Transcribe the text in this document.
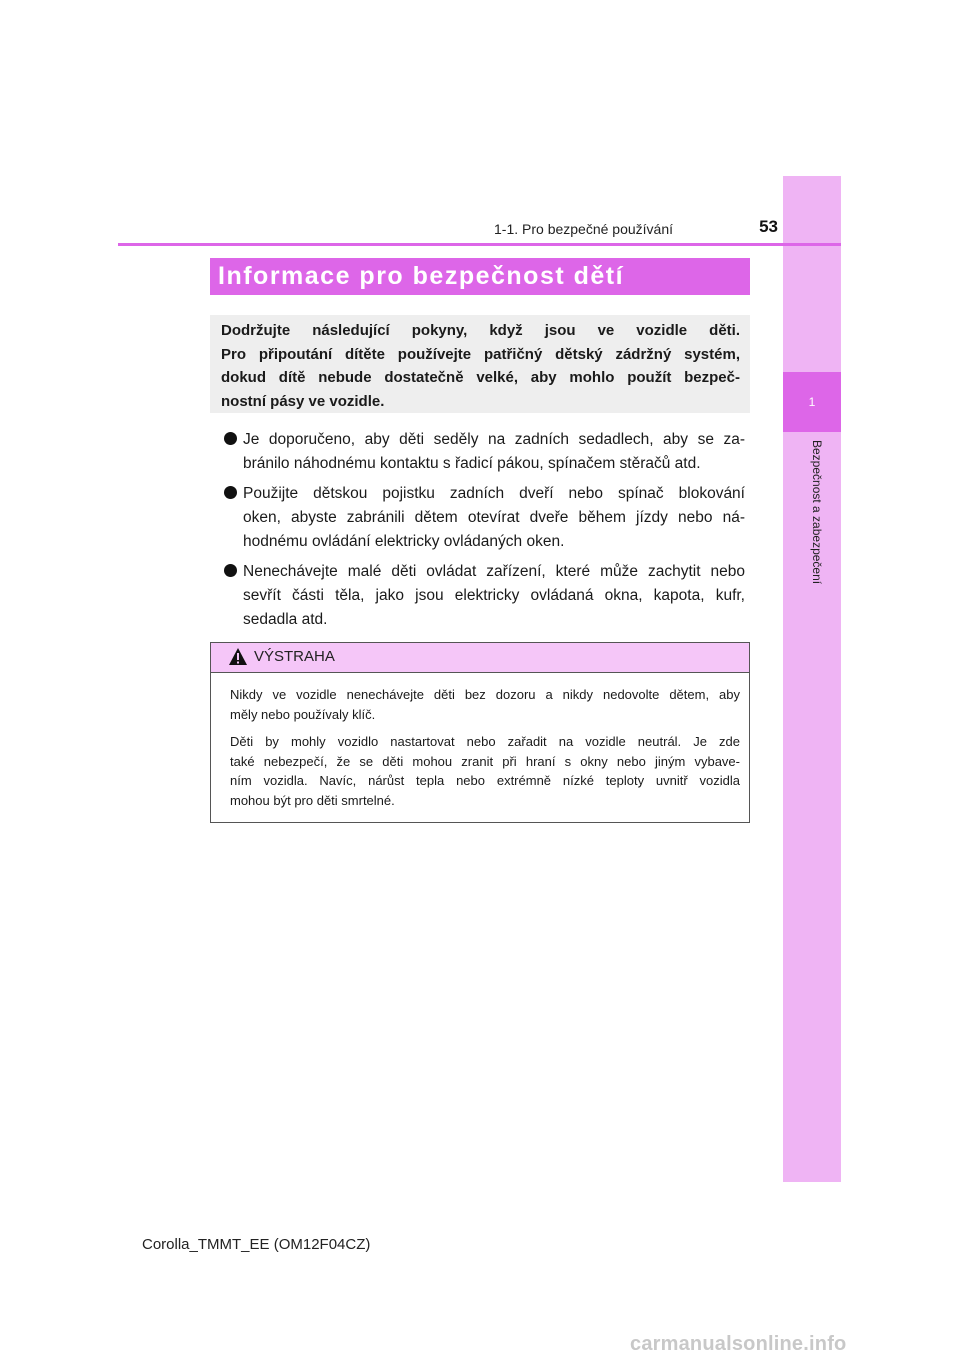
1
Bezpečnost a zabezpečení
1-1. Pro bezpečné používání	53
Informace pro bezpečnost dětí
Dodržujte následující pokyny, když jsou ve vozidle děti.
Pro připoutání dítěte používejte patřičný dětský zádržný systém,
dokud dítě nebude dostatečně velké, aby mohlo použít bezpeč-
nostní pásy ve vozidle.
Je doporučeno, aby děti seděly na zadních sedadlech, aby se za-
bránilo náhodnému kontaktu s řadicí pákou, spínačem stěračů atd.
Použijte dětskou pojistku zadních dveří nebo spínač blokování
oken, abyste zabránili dětem otevírat dveře během jízdy nebo ná-
hodnému ovládání elektricky ovládaných oken.
Nenechávejte malé děti ovládat zařízení, které může zachytit nebo
sevřít části těla, jako jsou elektricky ovládaná okna, kapota, kufr,
sedadla atd.
VÝSTRAHA
Nikdy ve vozidle nenechávejte děti bez dozoru a nikdy nedovolte dětem, aby
měly nebo používaly klíč.
Děti by mohly vozidlo nastartovat nebo zařadit na vozidle neutrál. Je zde
také nebezpečí, že se děti mohou zranit při hraní s okny nebo jiným vybave-
ním vozidla. Navíc, nárůst tepla nebo extrémně nízké teploty uvnitř vozidla
mohou být pro děti smrtelné.
Corolla_TMMT_EE (OM12F04CZ)
carmanualsonline.info
